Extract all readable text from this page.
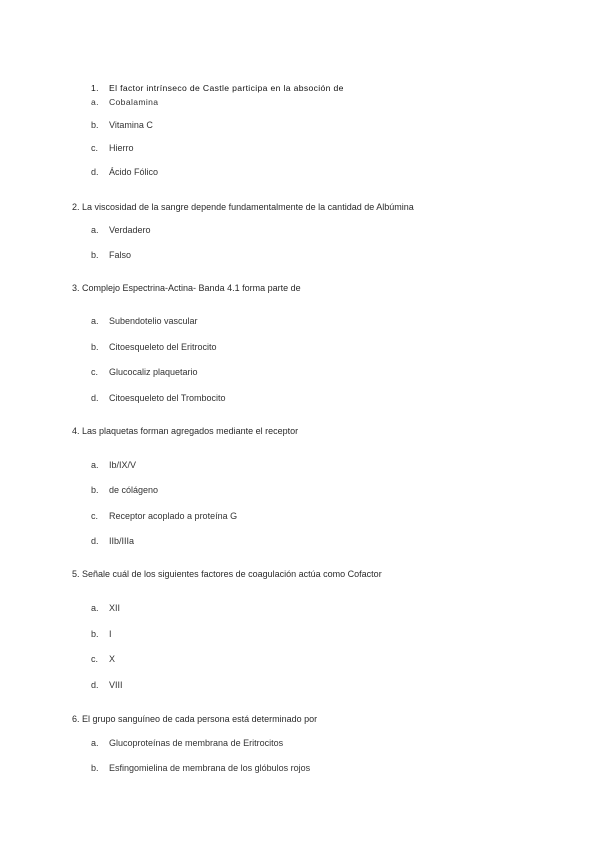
1. El factor intrínseco de Castle participa en la absoción de
a. Cobalamina
b. Vitamina C
c. Hierro
d. Ácido Fólico
2. La viscosidad de la sangre depende fundamentalmente de la cantidad de Albúmina
a. Verdadero
b. Falso
3. Complejo Espectrina-Actina- Banda 4.1 forma parte de
a. Subendotelio vascular
b. Citoesqueleto del Eritrocito
c. Glucocaliz plaquetario
d. Citoesqueleto del Trombocito
4. Las plaquetas forman agregados mediante el receptor
a. Ib/IX/V
b. de cólágeno
c. Receptor acoplado a proteína G
d. IIb/IIIa
5. Señale cuál de los siguientes factores de coagulación actúa como Cofactor
a. XII
b. I
c. X
d. VIII
6. El grupo sanguíneo de cada persona está determinado por
a. Glucoproteínas de membrana de Eritrocitos
b. Esfingomielina de membrana de los glóbulos rojos
